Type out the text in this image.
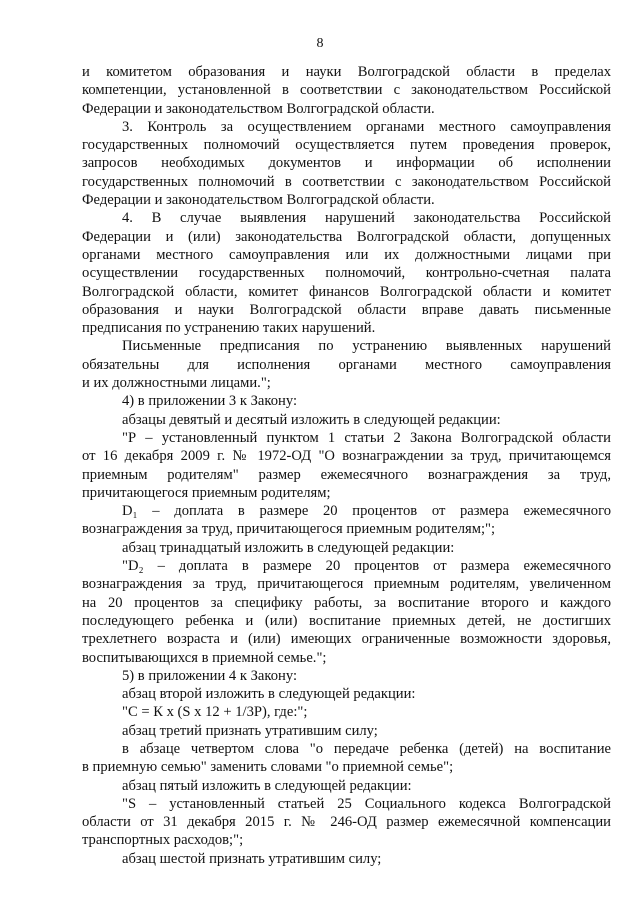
8
и комитетом образования и науки Волгоградской области в пределах
компетенции, установленной в соответствии с законодательством Российской
Федерации и законодательством Волгоградской области.
3. Контроль за осуществлением органами местного самоуправления
государственных полномочий осуществляется путем проведения проверок,
запросов необходимых документов и информации об исполнении
государственных полномочий в соответствии с законодательством Российской
Федерации и законодательством Волгоградской области.
4. В случае выявления нарушений законодательства Российской
Федерации и (или) законодательства Волгоградской области, допущенных
органами местного самоуправления или их должностными лицами при
осуществлении государственных полномочий, контрольно-счетная палата
Волгоградской области, комитет финансов Волгоградской области и комитет
образования и науки Волгоградской области вправе давать письменные
предписания по устранению таких нарушений.
Письменные предписания по устранению выявленных нарушений
обязательны для исполнения органами местного самоуправления
и их должностными лицами.";
4) в приложении 3 к Закону:
абзацы девятый и десятый изложить в следующей редакции:
"Р – установленный пунктом 1 статьи 2 Закона Волгоградской области
от 16 декабря 2009 г. № 1972-ОД "О вознаграждении за труд, причитающемся
приемным родителям" размер ежемесячного вознаграждения за труд,
причитающегося приемным родителям;
D₁ – доплата в размере 20 процентов от размера ежемесячного
вознаграждения за труд, причитающегося приемным родителям;";
абзац тринадцатый изложить в следующей редакции:
"D₂ – доплата в размере 20 процентов от размера ежемесячного
вознаграждения за труд, причитающегося приемным родителям, увеличенном
на 20 процентов за специфику работы, за воспитание второго и каждого
последующего ребенка и (или) воспитание приемных детей, не достигших
трехлетнего возраста и (или) имеющих ограниченные возможности здоровья,
воспитывающихся в приемной семье.";
5) в приложении 4 к Закону:
абзац второй изложить в следующей редакции:
"С = К х (S х 12 + 1/3Р), где:";
абзац третий признать утратившим силу;
в абзаце четвертом слова "о передаче ребенка (детей) на воспитание
в приемную семью" заменить словами "о приемной семье";
абзац пятый изложить в следующей редакции:
"S – установленный статьей 25 Социального кодекса Волгоградской
области от 31 декабря 2015 г. № 246-ОД размер ежемесячной компенсации
транспортных расходов;";
абзац шестой признать утратившим силу;
